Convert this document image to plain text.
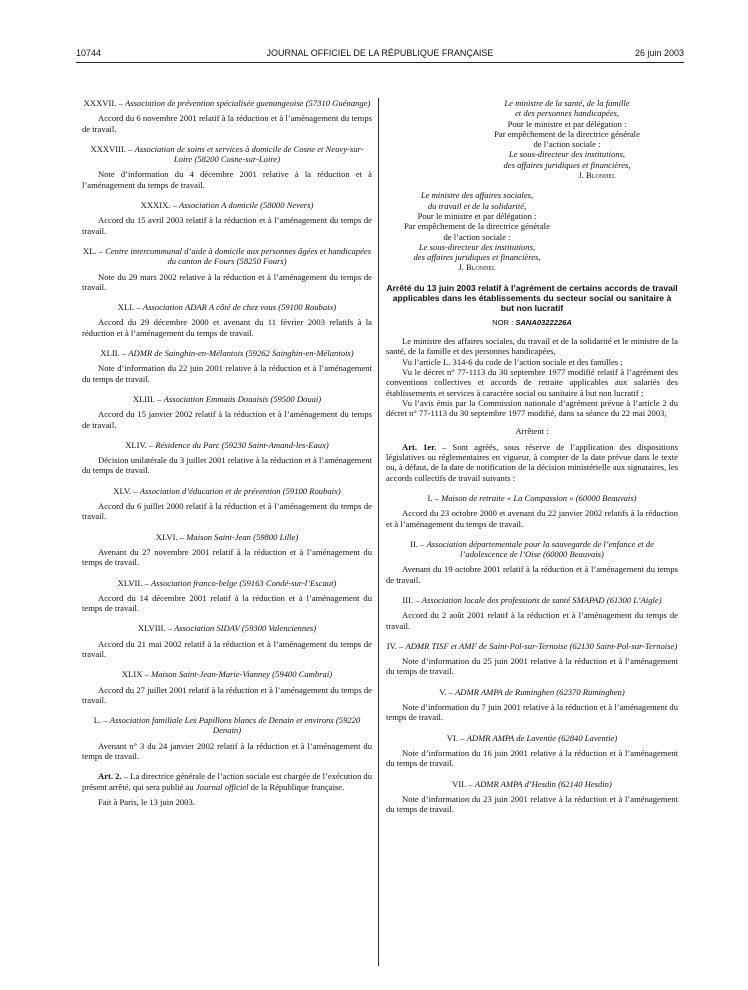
10744	JOURNAL OFFICIEL DE LA RÉPUBLIQUE FRANÇAISE	26 juin 2003

XXXVII. – Association de prévention spécialisée guenangeoise (57310 Guénange)

Accord du 6 novembre 2001 relatif à la réduction et à l’aménagement du temps de travail.

XXXVIII. – Association de soins et services à domicile de Cosne et Neuvy-sur-Loire (58200 Cosne-sur-Loire)

Note d’information du 4 décembre 2001 relative à la réduction et à l’aménagement du temps de travail.

XXXIX. – Association A domicile (58000 Nevers)

Accord du 15 avril 2003 relatif à la réduction et à l’aménagement du temps de travail.

XL. – Centre intercommunal d’aide à domicile aux personnes âgées et handicapées du canton de Fours (58250 Fours)

Note du 29 mars 2002 relative à la réduction et à l’aménagement du temps de travail.

XLI. – Association ADAR A côté de chez vous (59100 Roubaix)

Accord du 29 décembre 2000 et avenant du 11 février 2003 relatifs à la réduction et à l’aménagement du temps de travail.

XLII. – ADMR de Sainghin-en-Mélantois (59262 Sainghin-en-Mélantois)

Note d’information du 22 juin 2001 relative à la réduction et à l’aménagement du temps de travail.

XLIII. – Association Emmaüs Douaisis (59500 Douai)

Accord du 15 janvier 2002 relatif à la réduction et à l’aménagement du temps de travail.

XLIV. – Résidence du Parc (59230 Saint-Amand-les-Eaux)

Décision unilatérale du 3 juillet 2001 relative à la réduction et à l’aménagement du temps de travail.

XLV. – Association d’éducation et de prévention (59100 Roubaix)

Accord du 6 juillet 2000 relatif à la réduction et à l’aménagement du temps de travail.

XLVI. – Maison Saint-Jean (59800 Lille)

Avenant du 27 novembre 2001 relatif à la réduction et à l’aménagement du temps de travail.

XLVII. – Association franco-belge (59163 Condé-sur-l’Escaut)

Accord du 14 décembre 2001 relatif à la réduction et à l’aménagement du temps de travail.

XLVIII. – Association SIDAV (59300 Valenciennes)

Accord du 21 mai 2002 relatif à la réduction et à l’aménagement du temps de travail.

XLIX – Maison Saint-Jean-Marie-Vianney (59400 Cambrai)

Accord du 27 juillet 2001 relatif à la réduction et à l’aménagement du temps de travail.

L. – Association familiale Les Papillons blancs de Denain et environs (59220 Denain)

Avenant n° 3 du 24 janvier 2002 relatif à la réduction et à l’aménagement du temps de travail.

Art. 2. – La directrice générale de l’action sociale est chargée de l’exécution du présent arrêté, qui sera publié au Journal officiel de la République française.

Fait à Paris, le 13 juin 2003.

Le ministre de la santé, de la famille

et des personnes handicapées,

Pour le ministre et par délégation :

Par empêchement de la directrice générale

de l’action sociale :

Le sous-directeur des institutions,

des affaires juridiques et financières,

J. Blondel

Le ministre des affaires sociales,

du travail et de la solidarité,

Pour le ministre et par délégation :

Par empêchement de la directrice générale

de l’action sociale :

Le sous-directeur des institutions,

des affaires juridiques et financières,

J. Blondel

Arrêté du 13 juin 2003 relatif à l’agrément de certains accords de travail applicables dans les établissements du secteur social ou sanitaire à but non lucratif

NOR : SANA0322226A

Le ministre des affaires sociales, du travail et de la solidarité et le ministre de la santé, de la famille et des personnes handicapées,

Vu l’article L. 314-6 du code de l’action sociale et des familles ;

Vu le décret n° 77-1113 du 30 septembre 1977 modifié relatif à l’agrément des conventions collectives et accords de retraite applicables aux salariés des établissements et services à caractère social ou sanitaire à but non lucratif ;

Vu l’avis émis par la Commission nationale d’agrément prévue à l’article 2 du décret n° 77-1113 du 30 septembre 1977 modifié, dans sa séance du 22 mai 2003,

Arrêtent :

Art. 1er. – Sont agréés, sous réserve de l’application des dispositions législatives ou réglementaires en vigueur, à compter de la date prévue dans le texte ou, à défaut, de la date de notification de la décision ministérielle aux signataires, les accords collectifs de travail suivants :

I. – Maison de retraite « La Compassion » (60000 Beauvais)

Accord du 23 octobre 2000 et avenant du 22 janvier 2002 relatifs à la réduction et à l’aménagement du temps de travail.

II. – Association départementale pour la sauvegarde de l’enfance et de l’adolescence de l’Oise (60000 Beauvais)

Avenant du 19 octobre 2001 relatif à la réduction et à l’aménagement du temps de travail.

III. – Association locale des professions de santé SMAPAD (61300 L’Aigle)

Accord du 2 août 2001 relatif à la réduction et à l’aménagement du temps de travail.

IV. – ADMR TISF et AMF de Saint-Pol-sur-Ternoise (62130 Saint-Pol-sur-Ternoise)

Note d’information du 25 juin 2001 relative à la réduction et à l’aménagement du temps de travail.

V. – ADMR AMPA de Ruminghen (62370 Ruminghen)

Note d’information du 7 juin 2001 relative à la réduction et à l’aménagement du temps de travail.

VI. – ADMR AMPA de Laventie (62840 Laventie)

Note d’information du 16 juin 2001 relative à la réduction et à l’aménagement du temps de travail.

VII. – ADMR AMPA d’Hesdin (62140 Hesdin)

Note d’information du 23 juin 2001 relative à la réduction et à l’aménagement du temps de travail.
